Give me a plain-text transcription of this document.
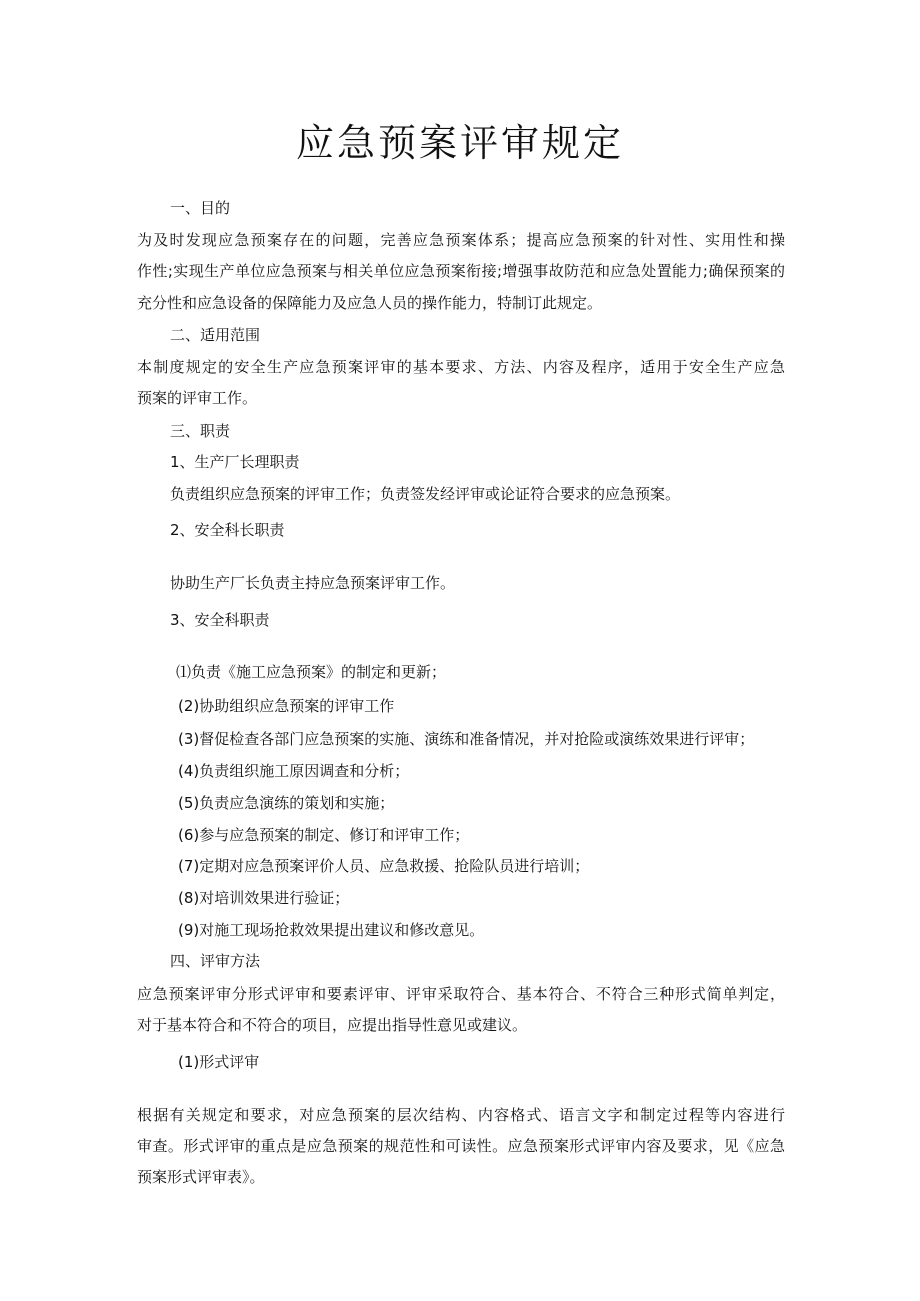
应急预案评审规定

一、目的

为及时发现应急预案存在的问题，完善应急预案体系；提高应急预案的针对性、实用性和操

作性;实现生产单位应急预案与相关单位应急预案衔接;增强事故防范和应急处置能力;确保预案的

充分性和应急设备的保障能力及应急人员的操作能力，特制订此规定。

二、适用范围

本制度规定的安全生产应急预案评审的基本要求、方法、内容及程序，适用于安全生产应急

预案的评审工作。

三、职责

1、生产厂长理职责

负责组织应急预案的评审工作；负责签发经评审或论证符合要求的应急预案。

2、安全科长职责

协助生产厂长负责主持应急预案评审工作。

3、安全科职责

⑴负责《施工应急预案》的制定和更新；

(2)协助组织应急预案的评审工作

(3)督促检查各部门应急预案的实施、演练和准备情况，并对抢险或演练效果进行评审；

(4)负责组织施工原因调查和分析；

(5)负责应急演练的策划和实施；

(6)参与应急预案的制定、修订和评审工作；

(7)定期对应急预案评价人员、应急救援、抢险队员进行培训；

(8)对培训效果进行验证；

(9)对施工现场抢救效果提出建议和修改意见。

四、评审方法

应急预案评审分形式评审和要素评审、评审采取符合、基本符合、不符合三种形式简单判定，

对于基本符合和不符合的项目，应提出指导性意见或建议。

(1)形式评审

根据有关规定和要求，对应急预案的层次结构、内容格式、语言文字和制定过程等内容进行

审查。形式评审的重点是应急预案的规范性和可读性。应急预案形式评审内容及要求，见《应急

预案形式评审表》。
